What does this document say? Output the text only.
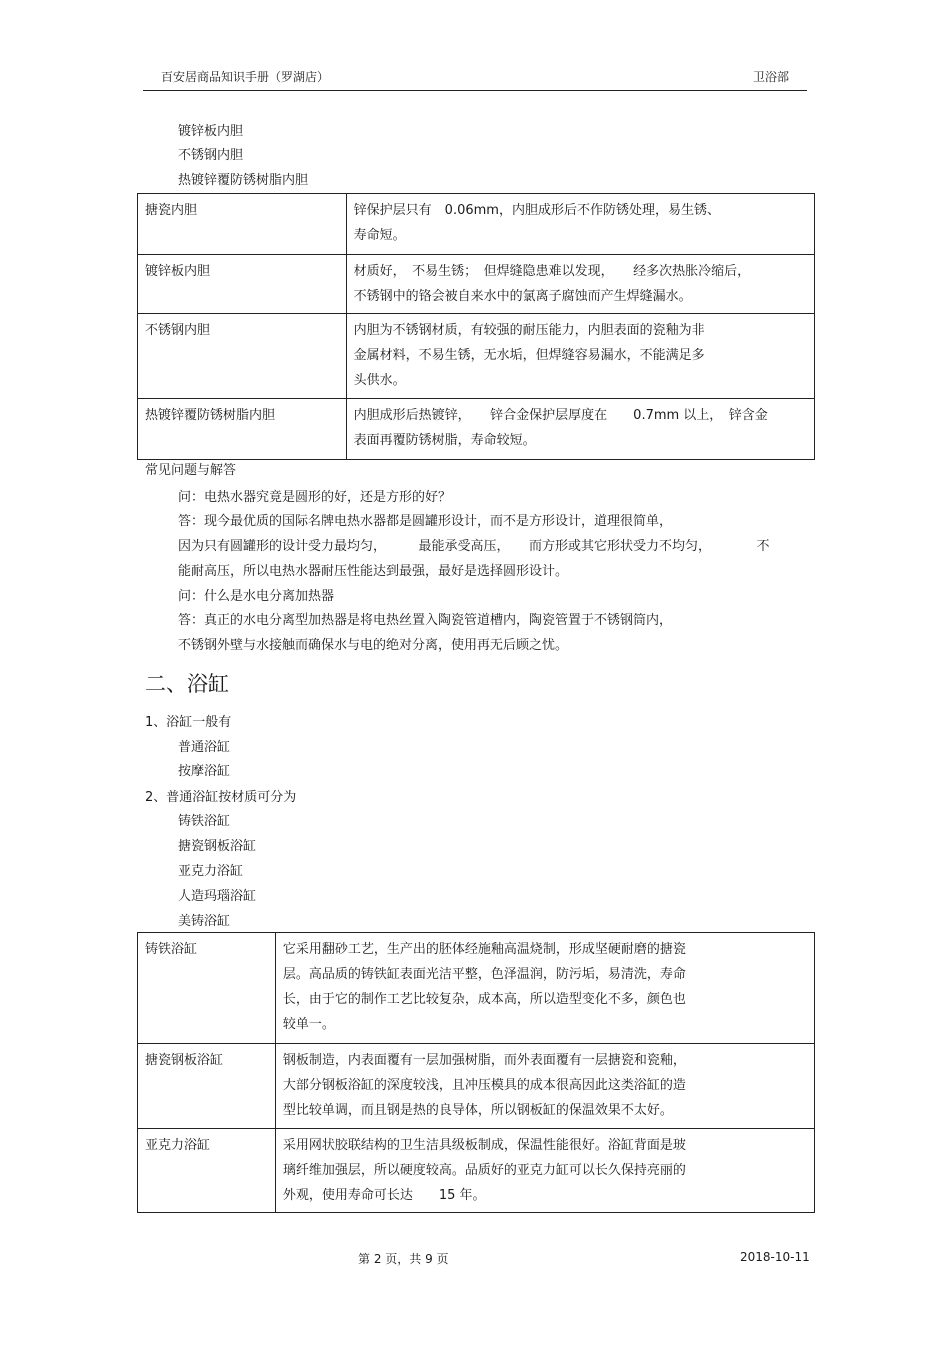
百安居商品知识手册（罗湖店）	卫浴部
镀锌板内胆
不锈钢内胆
热镀锌覆防锈树脂内胆
搪瓷内胆	锌保护层只有　0.06mm，内胆成形后不作防锈处理，易生锈、
寿命短。

镀锌板内胆	材质好，　不易生锈；　但焊缝隐患难以发现，　　经多次热胀冷缩后，
不锈钢中的铬会被自来水中的氯离子腐蚀而产生焊缝漏水。

不锈钢内胆	内胆为不锈钢材质，有较强的耐压能力，内胆表面的瓷釉为非
金属材料，不易生锈，无水垢，但焊缝容易漏水，不能满足多
头供水。

热镀锌覆防锈树脂内胆	内胆成形后热镀锌，　　锌合金保护层厚度在　　0.7mm 以上，　锌含金
表面再覆防锈树脂，寿命较短。
常见问题与解答
问：电热水器究竟是圆形的好，还是方形的好？
答：现今最优质的国际名牌电热水器都是圆罐形设计，而不是方形设计，道理很简单，
因为只有圆罐形的设计受力最均匀，　　　最能承受高压，　　而方形或其它形状受力不均匀，　　　　不
能耐高压，所以电热水器耐压性能达到最强，最好是选择圆形设计。
问：什么是水电分离加热器
答：真正的水电分离型加热器是将电热丝置入陶瓷管道槽内，陶瓷管置于不锈钢筒内，
不锈钢外壁与水接触而确保水与电的绝对分离，使用再无后顾之忧。
二、浴缸
1、浴缸一般有
普通浴缸
按摩浴缸
2、普通浴缸按材质可分为
铸铁浴缸
搪瓷钢板浴缸
亚克力浴缸
人造玛瑙浴缸
美铸浴缸
铸铁浴缸	它采用翻砂工艺，生产出的胚体经施釉高温烧制，形成坚硬耐磨的搪瓷
层。高品质的铸铁缸表面光洁平整，色泽温润，防污垢，易清洗，寿命
长，由于它的制作工艺比较复杂，成本高，所以造型变化不多，颜色也
较单一。

搪瓷钢板浴缸	钢板制造，内表面覆有一层加强树脂，而外表面覆有一层搪瓷和瓷釉，
大部分钢板浴缸的深度较浅，且冲压模具的成本很高因此这类浴缸的造
型比较单调，而且钢是热的良导体，所以钢板缸的保温效果不太好。

亚克力浴缸	采用网状胶联结构的卫生洁具级板制成，保温性能很好。浴缸背面是玻
璃纤维加强层，所以硬度较高。品质好的亚克力缸可以长久保持亮丽的
外观，使用寿命可长达　　15 年。
第 2 页，共 9 页	2018-10-11
